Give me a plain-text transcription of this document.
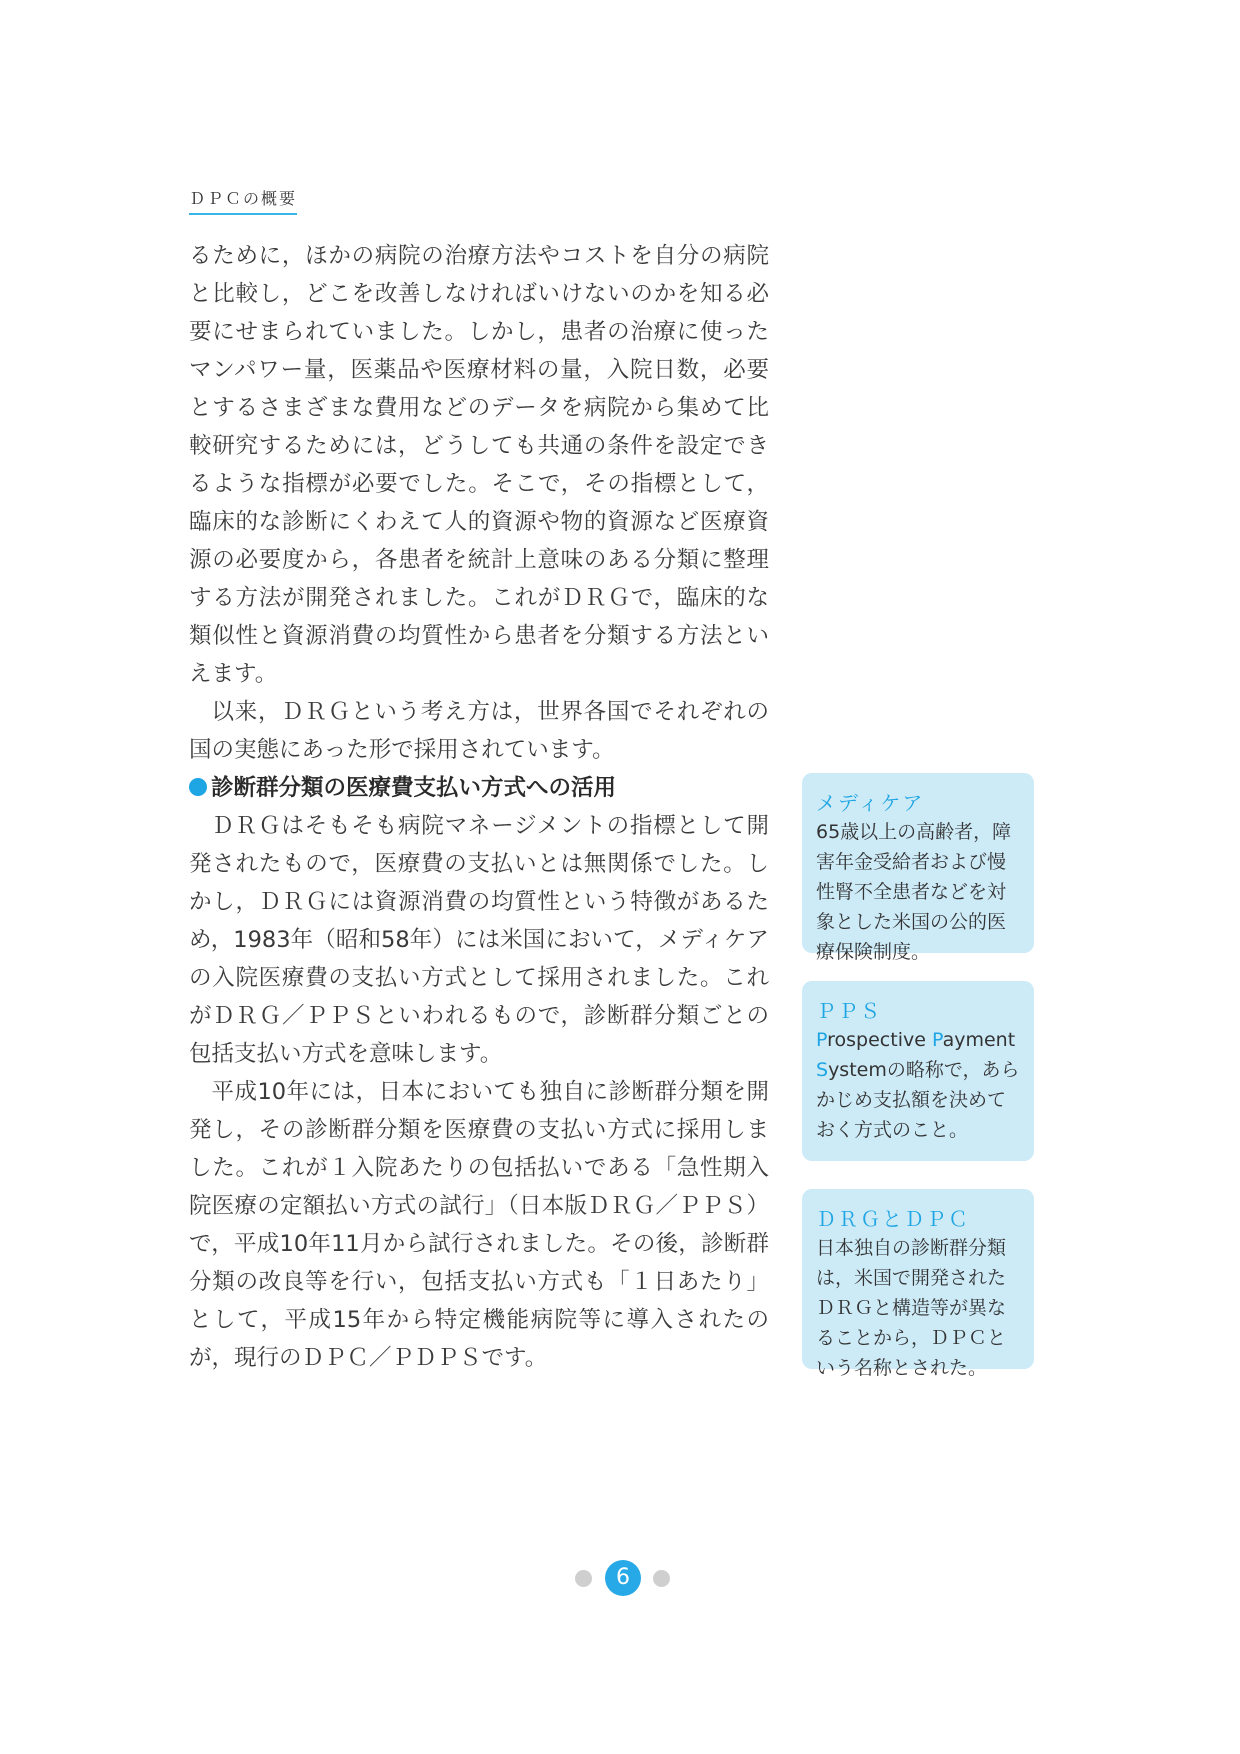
ＤＰＣの概要

るために，ほかの病院の治療方法やコストを自分の病院と比較し，どこを改善しなければいけないのかを知る必要にせまられていました。しかし，患者の治療に使ったマンパワー量，医薬品や医療材料の量，入院日数，必要とするさまざまな費用などのデータを病院から集めて比較研究するためには，どうしても共通の条件を設定できるような指標が必要でした。そこで，その指標として，臨床的な診断にくわえて人的資源や物的資源など医療資源の必要度から，各患者を統計上意味のある分類に整理する方法が開発されました。これがＤＲＧで，臨床的な類似性と資源消費の均質性から患者を分類する方法といえます。

以来，ＤＲＧという考え方は，世界各国でそれぞれの国の実態にあった形で採用されています。

診断群分類の医療費支払い方式への活用

ＤＲＧはそもそも病院マネージメントの指標として開発されたもので，医療費の支払いとは無関係でした。しかし，ＤＲＧには資源消費の均質性という特徴があるため，1983年（昭和58年）には米国において，メディケアの入院医療費の支払い方式として採用されました。これがＤＲＧ／ＰＰＳといわれるもので，診断群分類ごとの包括支払い方式を意味します。

平成10年には，日本においても独自に診断群分類を開発し，その診断群分類を医療費の支払い方式に採用しました。これが１入院あたりの包括払いである「急性期入院医療の定額払い方式の試行」（日本版ＤＲＧ／ＰＰＳ）で，平成10年11月から試行されました。その後，診断群分類の改良等を行い，包括支払い方式も「１日あたり」として，平成15年から特定機能病院等に導入されたのが，現行のＤＰＣ／ＰＤＰＳです。

メディケア
65歳以上の高齢者，障害年金受給者および慢性腎不全患者などを対象とした米国の公的医療保険制度。
ＰＰＳ
Prospective Payment
Systemの略称で，あらかじめ支払額を決めておく方式のこと。
ＤＲＧとＤＰＣ
日本独自の診断群分類は，米国で開発されたＤＲＧと構造等が異なることから，ＤＰＣという名称とされた。
6
